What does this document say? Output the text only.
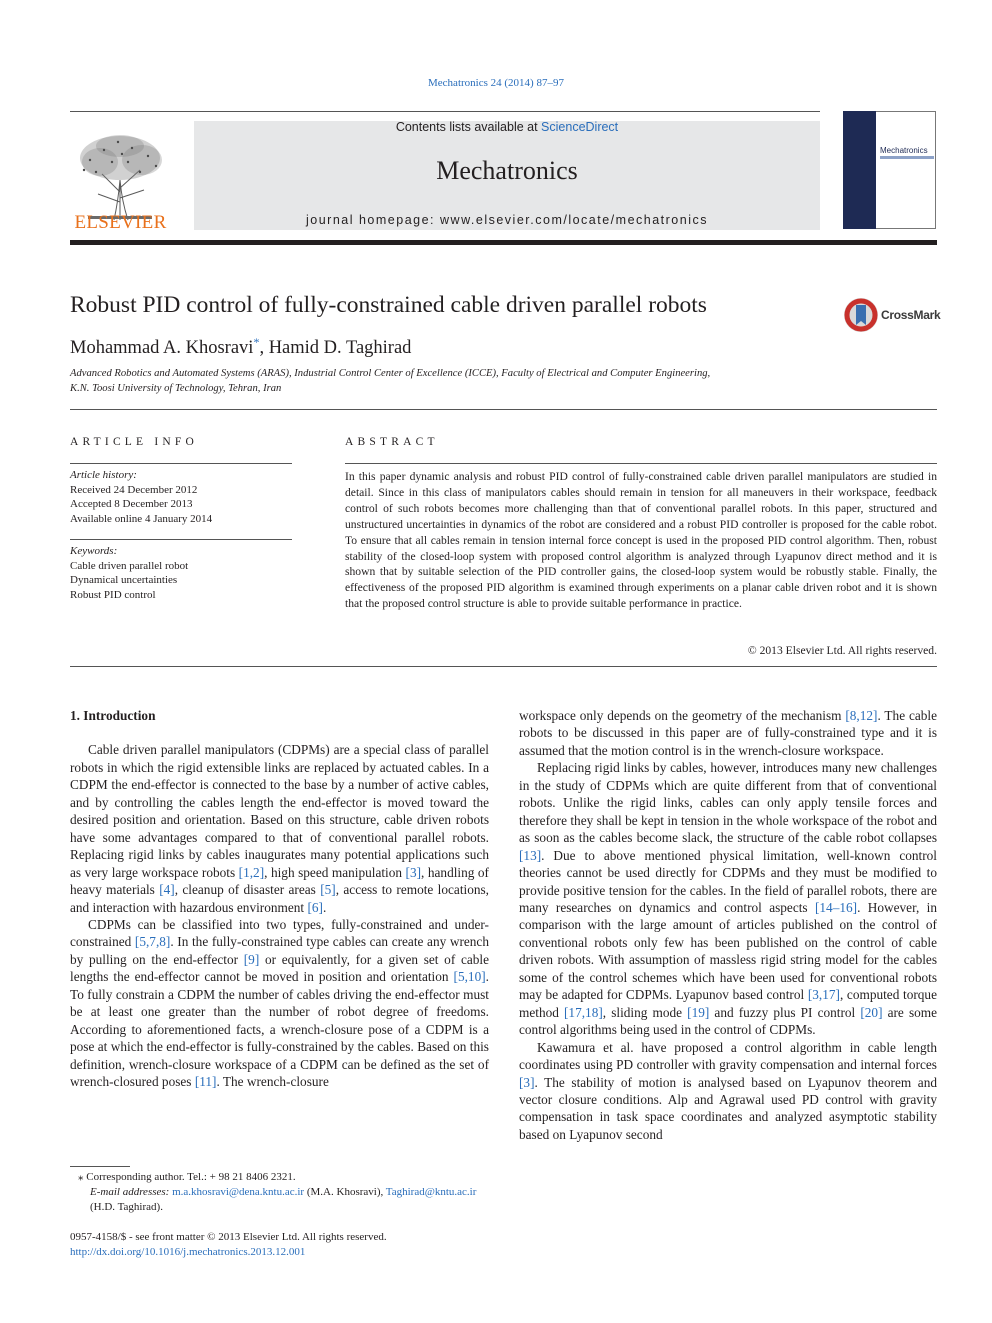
Mechatronics 24 (2014) 87–97
ELSEVIER
Contents lists available at ScienceDirect
Mechatronics
journal homepage: www.elsevier.com/locate/mechatronics
Mechatronics
Robust PID control of fully-constrained cable driven parallel robots	CrossMark
Mohammad A. Khosravi*, Hamid D. Taghirad
Advanced Robotics and Automated Systems (ARAS), Industrial Control Center of Excellence (ICCE), Faculty of Electrical and Computer Engineering,
K.N. Toosi University of Technology, Tehran, Iran
ARTICLE INFO
Article history:
Received 24 December 2012
Accepted 8 December 2013
Available online 4 January 2014
Keywords:
Cable driven parallel robot
Dynamical uncertainties
Robust PID control
ABSTRACT
In this paper dynamic analysis and robust PID control of fully-constrained cable driven parallel manipulators are studied in detail. Since in this class of manipulators cables should remain in tension for all maneuvers in their workspace, feedback control of such robots becomes more challenging than that of conventional parallel robots. In this paper, structured and unstructured uncertainties in dynamics of the robot are considered and a robust PID controller is proposed for the cable robot. To ensure that all cables remain in tension internal force concept is used in the proposed PID control algorithm. Then, robust stability of the closed-loop system with proposed control algorithm is analyzed through Lyapunov direct method and it is shown that by suitable selection of the PID controller gains, the closed-loop system would be robustly stable. Finally, the effectiveness of the proposed PID algorithm is examined through experiments on a planar cable driven robot and it is shown that the proposed control structure is able to provide suitable performance in practice.
© 2013 Elsevier Ltd. All rights reserved.

1. Introduction

Cable driven parallel manipulators (CDPMs) are a special class of parallel robots in which the rigid extensible links are replaced by actuated cables. In a CDPM the end-effector is connected to the base by a number of active cables, and by controlling the cables length the end-effector is moved toward the desired position and orientation. Based on this structure, cable driven robots have some advantages compared to that of conventional parallel robots. Replacing rigid links by cables inaugurates many potential applications such as very large workspace robots [1,2], high speed manipulation [3], handling of heavy materials [4], cleanup of disaster areas [5], access to remote locations, and interaction with hazardous environment [6].

CDPMs can be classified into two types, fully-constrained and under-constrained [5,7,8]. In the fully-constrained type cables can create any wrench by pulling on the end-effector [9] or equivalently, for a given set of cable lengths the end-effector cannot be moved in position and orientation [5,10]. To fully constrain a CDPM the number of cables driving the end-effector must be at least one greater than the number of robot degree of freedoms. According to aforementioned facts, a wrench-closure pose of a CDPM is a pose at which the end-effector is fully-constrained by the cables. Based on this definition, wrench-closure workspace of a CDPM can be defined as the set of wrench-closured poses [11]. The wrench-closure

workspace only depends on the geometry of the mechanism [8,12]. The cable robots to be discussed in this paper are of fully-constrained type and it is assumed that the motion control is in the wrench-closure workspace.

Replacing rigid links by cables, however, introduces many new challenges in the study of CDPMs which are quite different from that of conventional robots. Unlike the rigid links, cables can only apply tensile forces and therefore they shall be kept in tension in the whole workspace of the robot and as soon as the cables become slack, the structure of the cable robot collapses [13]. Due to above mentioned physical limitation, well-known control theories cannot be used directly for CDPMs and they must be modified to provide positive tension for the cables. In the field of parallel robots, there are many researches on dynamics and control aspects [14–16]. However, in comparison with the large amount of articles published on the control of conventional robots only few has been published on the control of cable driven robots. With assumption of massless rigid string model for the cables some of the control schemes which have been used for conventional robots may be adapted for CDPMs. Lyapunov based control [3,17], computed torque method [17,18], sliding mode [19] and fuzzy plus PI control [20] are some control algorithms being used in the control of CDPMs.

Kawamura et al. have proposed a control algorithm in cable length coordinates using PD controller with gravity compensation and internal forces [3]. The stability of motion is analysed based on Lyapunov theorem and vector closure conditions. Alp and Agrawal used PD control with gravity compensation in task space coordinates and analyzed asymptotic stability based on Lyapunov second

⁎ Corresponding author. Tel.: + 98 21 8406 2321.
E-mail addresses: m.a.khosravi@dena.kntu.ac.ir (M.A. Khosravi), Taghirad@kntu.ac.ir (H.D. Taghirad).
0957-4158/$ - see front matter © 2013 Elsevier Ltd. All rights reserved.
http://dx.doi.org/10.1016/j.mechatronics.2013.12.001
